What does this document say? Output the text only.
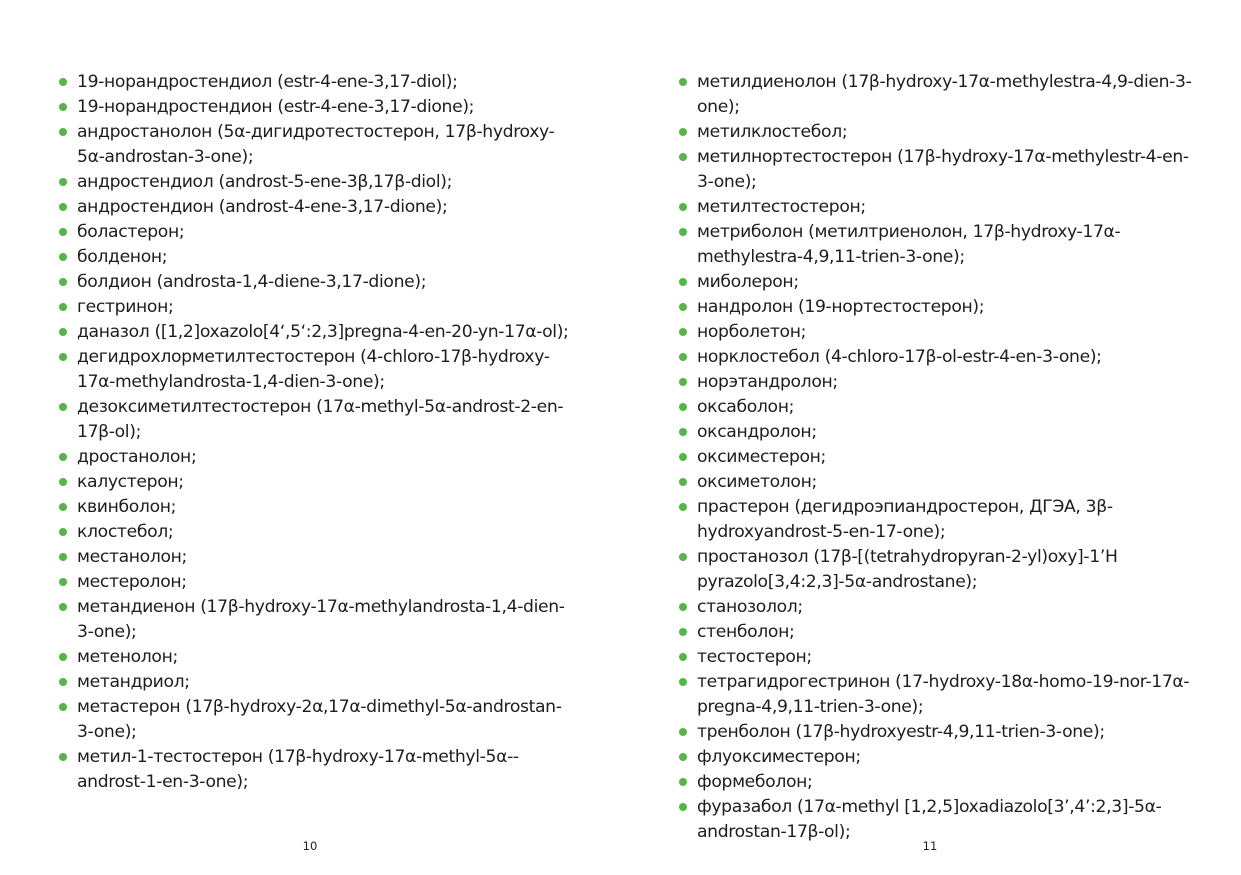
19-норандростендиол (estr-4-ene-3,17-diol);
19-норандростендион (estr-4-ene-3,17-dione);
андростанолон (5α-дигидротестостерон, 17β-hydroxy-5α-androstan-3-one);
андростендиол (androst-5-ene-3β,17β-diol);
андростендион (androst-4-ene-3,17-dione);
боластерон;
болденон;
болдион (androsta-1,4-diene-3,17-dione);
гестринон;
даназол ([1,2]oxazolo[4‘,5‘:2,3]pregna-4-en-20-yn-17α-ol);
дегидрохлорметилтестостерон (4-chloro-17β-hydroxy-17α-methylandrosta-1,4-dien-3-one);
дезоксиметилтестостерон (17α-methyl-5α-androst-2-en-17β-ol);
дростанолон;
калустерон;
квинболон;
клостебол;
местанолон;
местеролон;
метандиенон (17β-hydroxy-17α-methylandrosta-1,4-dien-3-one);
метенолон;
метандриол;
метастерон (17β-hydroxy-2α,17α-dimethyl-5α-androstan-3-one);
метил-1-тестостерон (17β-hydroxy-17α-methyl-5α--androst-1-en-3-one);
метилдиенолон (17β-hydroxy-17α-methylestra-4,9-dien-3-one);
метилклостебол;
метилнортестостерон (17β-hydroxy-17α-methylestr-4-en-3-one);
метилтестостерон;
метриболон (метилтриенолон, 17β-hydroxy-17α-methylestra-4,9,11-trien-3-one);
миболерон;
нандролон (19-нортестостерон);
норболетон;
норклостебол (4-chloro-17β-ol-estr-4-en-3-one);
норэтандролон;
оксаболон;
оксандролон;
оксиместерон;
оксиметолон;
прастерон (дегидроэпиандростерон, ДГЭА, 3β-hydroxyandrost-5-en-17-one);
простанозол (17β-[(tetrahydropyran-2-yl)oxy]-1’H pyrazolo[3,4:2,3]-5α-androstane);
станозолол;
стенболон;
тестостерон;
тетрагидрогестринон (17-hydroxy-18α-homo-19-nor-17α-pregna-4,9,11-trien-3-one);
тренболон (17β-hydroxyestr-4,9,11-trien-3-one);
флуоксиместерон;
формеболон;
фуразабол (17α-methyl [1,2,5]oxadiazolo[3’,4’:2,3]-5α-androstan-17β-ol);
10	11
